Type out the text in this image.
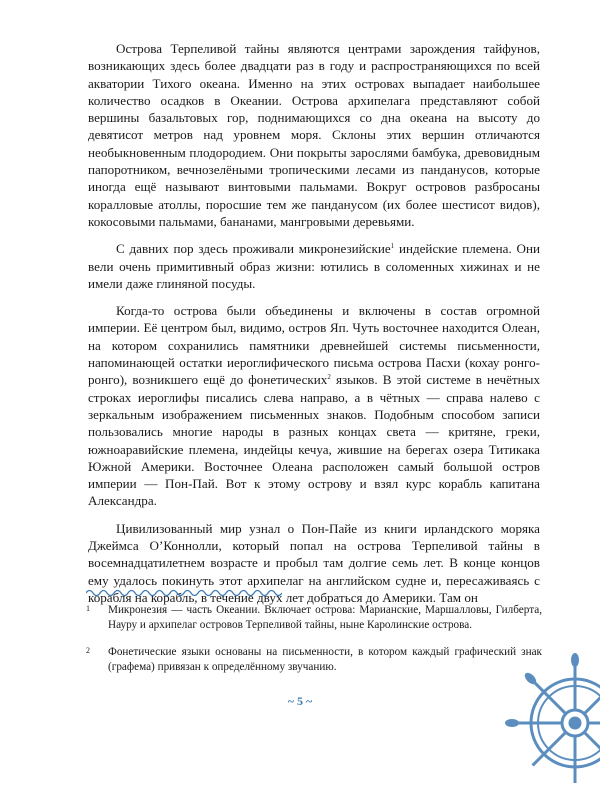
Острова Терпеливой тайны являются центрами зарождения тайфунов, возникающих здесь более двадцати раз в году и распространяющихся по всей акватории Тихого океана. Именно на этих островах выпадает наибольшее количество осадков в Океании. Острова архипелага представляют собой вершины базальтовых гор, поднимающихся со дна океана на высоту до девятисот метров над уровнем моря. Склоны этих вершин отличаются необыкновенным плодородием. Они покрыты зарослями бамбука, древовидным папоротником, вечнозелёными тропическими лесами из панданусов, которые иногда ещё называют винтовыми пальмами. Вокруг островов разбросаны коралловые атоллы, поросшие тем же панданусом (их более шестисот видов), кокосовыми пальмами, бананами, мангровыми деревьями.

С давних пор здесь проживали микронезийские$^1$ индейские племена. Они вели очень примитивный образ жизни: ютились в соломенных хижинах и не имели даже глиняной посуды.

Когда-то острова были объединены и включены в состав огромной империи. Её центром был, видимо, остров Яп. Чуть восточнее находится Олеан, на котором сохранились памятники древнейшей системы письменности, напоминающей остатки иероглифического письма острова Пасхи (кохау ронго-ронго), возникшего ещё до фонетических$^2$ языков. В этой системе в нечётных строках иероглифы писались слева направо, а в чётных — справа налево с зеркальным изображением письменных знаков. Подобным способом записи пользовались многие народы в разных концах света — критяне, греки, южноаравийские племена, индейцы кечуа, жившие на берегах озера Титикака Южной Америки. Восточнее Олеана расположен самый большой остров империи — Пон-Пай. Вот к этому острову и взял курс корабль капитана Александра.

Цивилизованный мир узнал о Пон-Пайе из книги ирландского моряка Джеймса О’Коннолли, который попал на острова Терпеливой тайны в восемнадцатилетнем возрасте и пробыл там долгие семь лет. В конце концов ему удалось покинуть этот архипелаг на английском судне и, пересаживаясь с корабля на корабль, в течение двух лет добраться до Америки. Там он

1 Микронезия — часть Океании. Включает острова: Марианские, Маршалловы, Гилберта, Науру и архипелаг островов Терпеливой тайны, ныне Каролинские острова.
2 Фонетические языки основаны на письменности, в котором каждый графический знак (графема) привязан к определённому звучанию.
~ 5 ~
